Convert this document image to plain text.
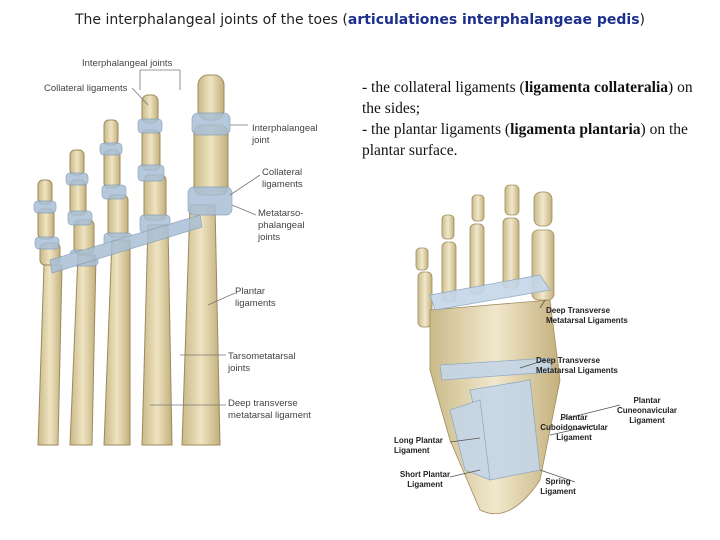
The interphalangeal joints of the toes (articulationes interphalangeae pedis)
- the collateral ligaments (ligamenta collateralia) on the sides;
- the plantar ligaments (ligamenta plantaria) on the plantar surface.
Interphalangeal joints
Collateral ligaments
Interphalangeal joint
Collateral ligaments
Metatarso-phalangeal joints
Plantar ligaments
Tarsometatarsal joints
Deep transverse metatarsal ligament
Deep Transverse Metatarsal Ligaments
Deep Transverse Metatarsal Ligaments
Plantar Cuneonavicular Ligament
Plantar Cuboidonavicular Ligament
Long Plantar Ligament
Short Plantar Ligament	Spring Ligament
